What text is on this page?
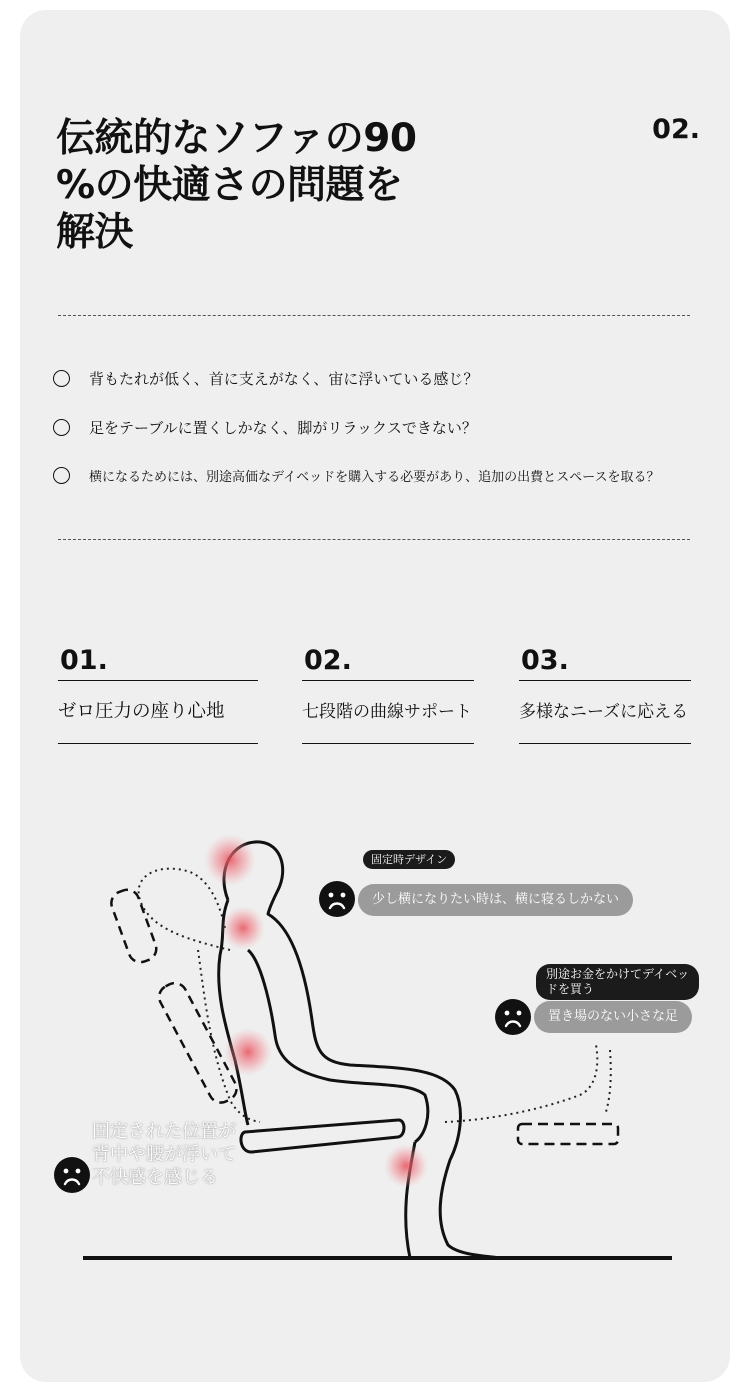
伝統的なソファの90
%の快適さの問題を
解決
02.
背もたれが低く、首に支えがなく、宙に浮いている感じ？
足をテーブルに置くしかなく、脚がリラックスできない？
横になるためには、別途高価なデイベッドを購入する必要があり、追加の出費とスペースを取る？
01.
ゼロ圧力の座り心地
02.
七段階の曲線サポート
03.
多様なニーズに応える
固定時デザイン
少し横になりたい時は、横に寝るしかない
別途お金をかけてデイベッ
ドを買う
置き場のない小さな足
固定された位置が
背中や腰が浮いて
不快感を感じる
